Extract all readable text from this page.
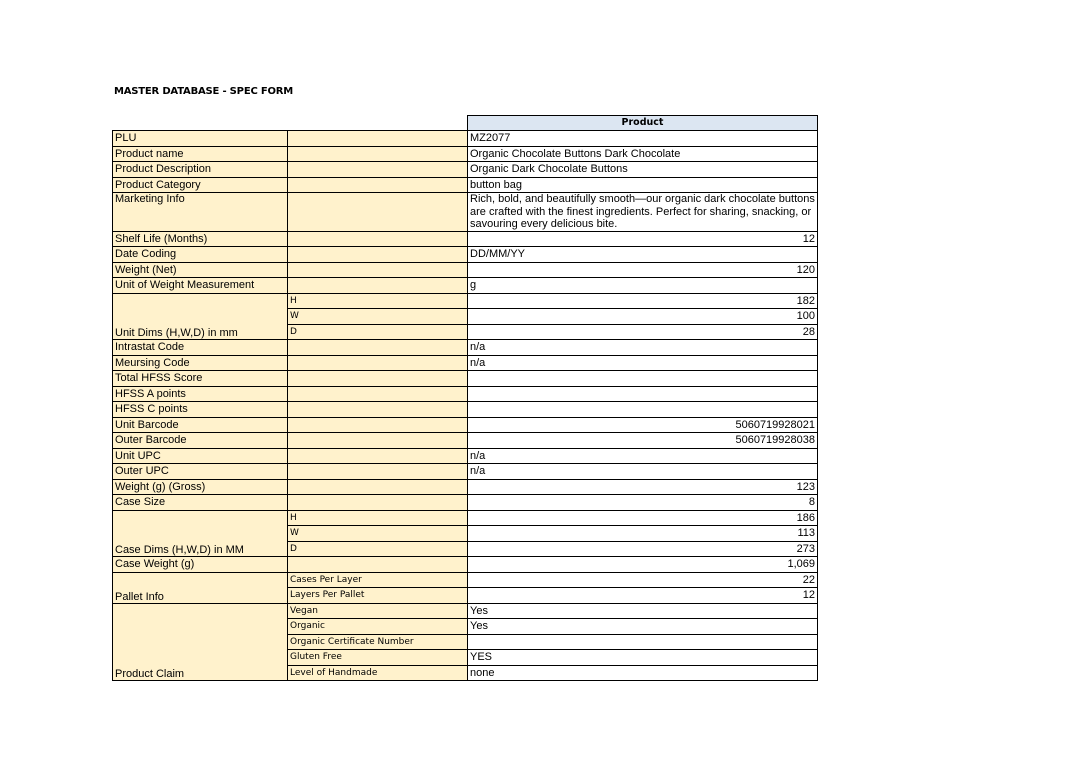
MASTER DATABASE - SPEC FORM
		Product
PLU		MZ2077
Product name		Organic Chocolate Buttons Dark Chocolate
Product Description		Organic Dark Chocolate Buttons
Product Category		button bag
Marketing Info		Rich, bold, and beautifully smooth—our organic dark chocolate buttons are crafted with the finest ingredients. Perfect for sharing, snacking, or savouring every delicious bite.
Shelf Life (Months)		12
Date Coding		DD/MM/YY
Weight (Net)		120
Unit of Weight Measurement		g
Unit Dims (H,W,D) in mm	H	182
	W	100
	D	28
Intrastat Code		n/a
Meursing Code		n/a
Total HFSS Score		
HFSS A points		
HFSS C points		
Unit Barcode		5060719928021
Outer Barcode		5060719928038
Unit UPC		n/a
Outer UPC		n/a
Weight (g) (Gross)		123
Case Size		8
Case Dims (H,W,D) in MM	H	186
	W	113
	D	273
Case Weight (g)		1,069
Pallet Info	Cases Per Layer	22
	Layers Per Pallet	12
Product Claim	Vegan	Yes
	Organic	Yes
	Organic Certificate Number	
	Gluten Free	YES
	Level of Handmade	none
